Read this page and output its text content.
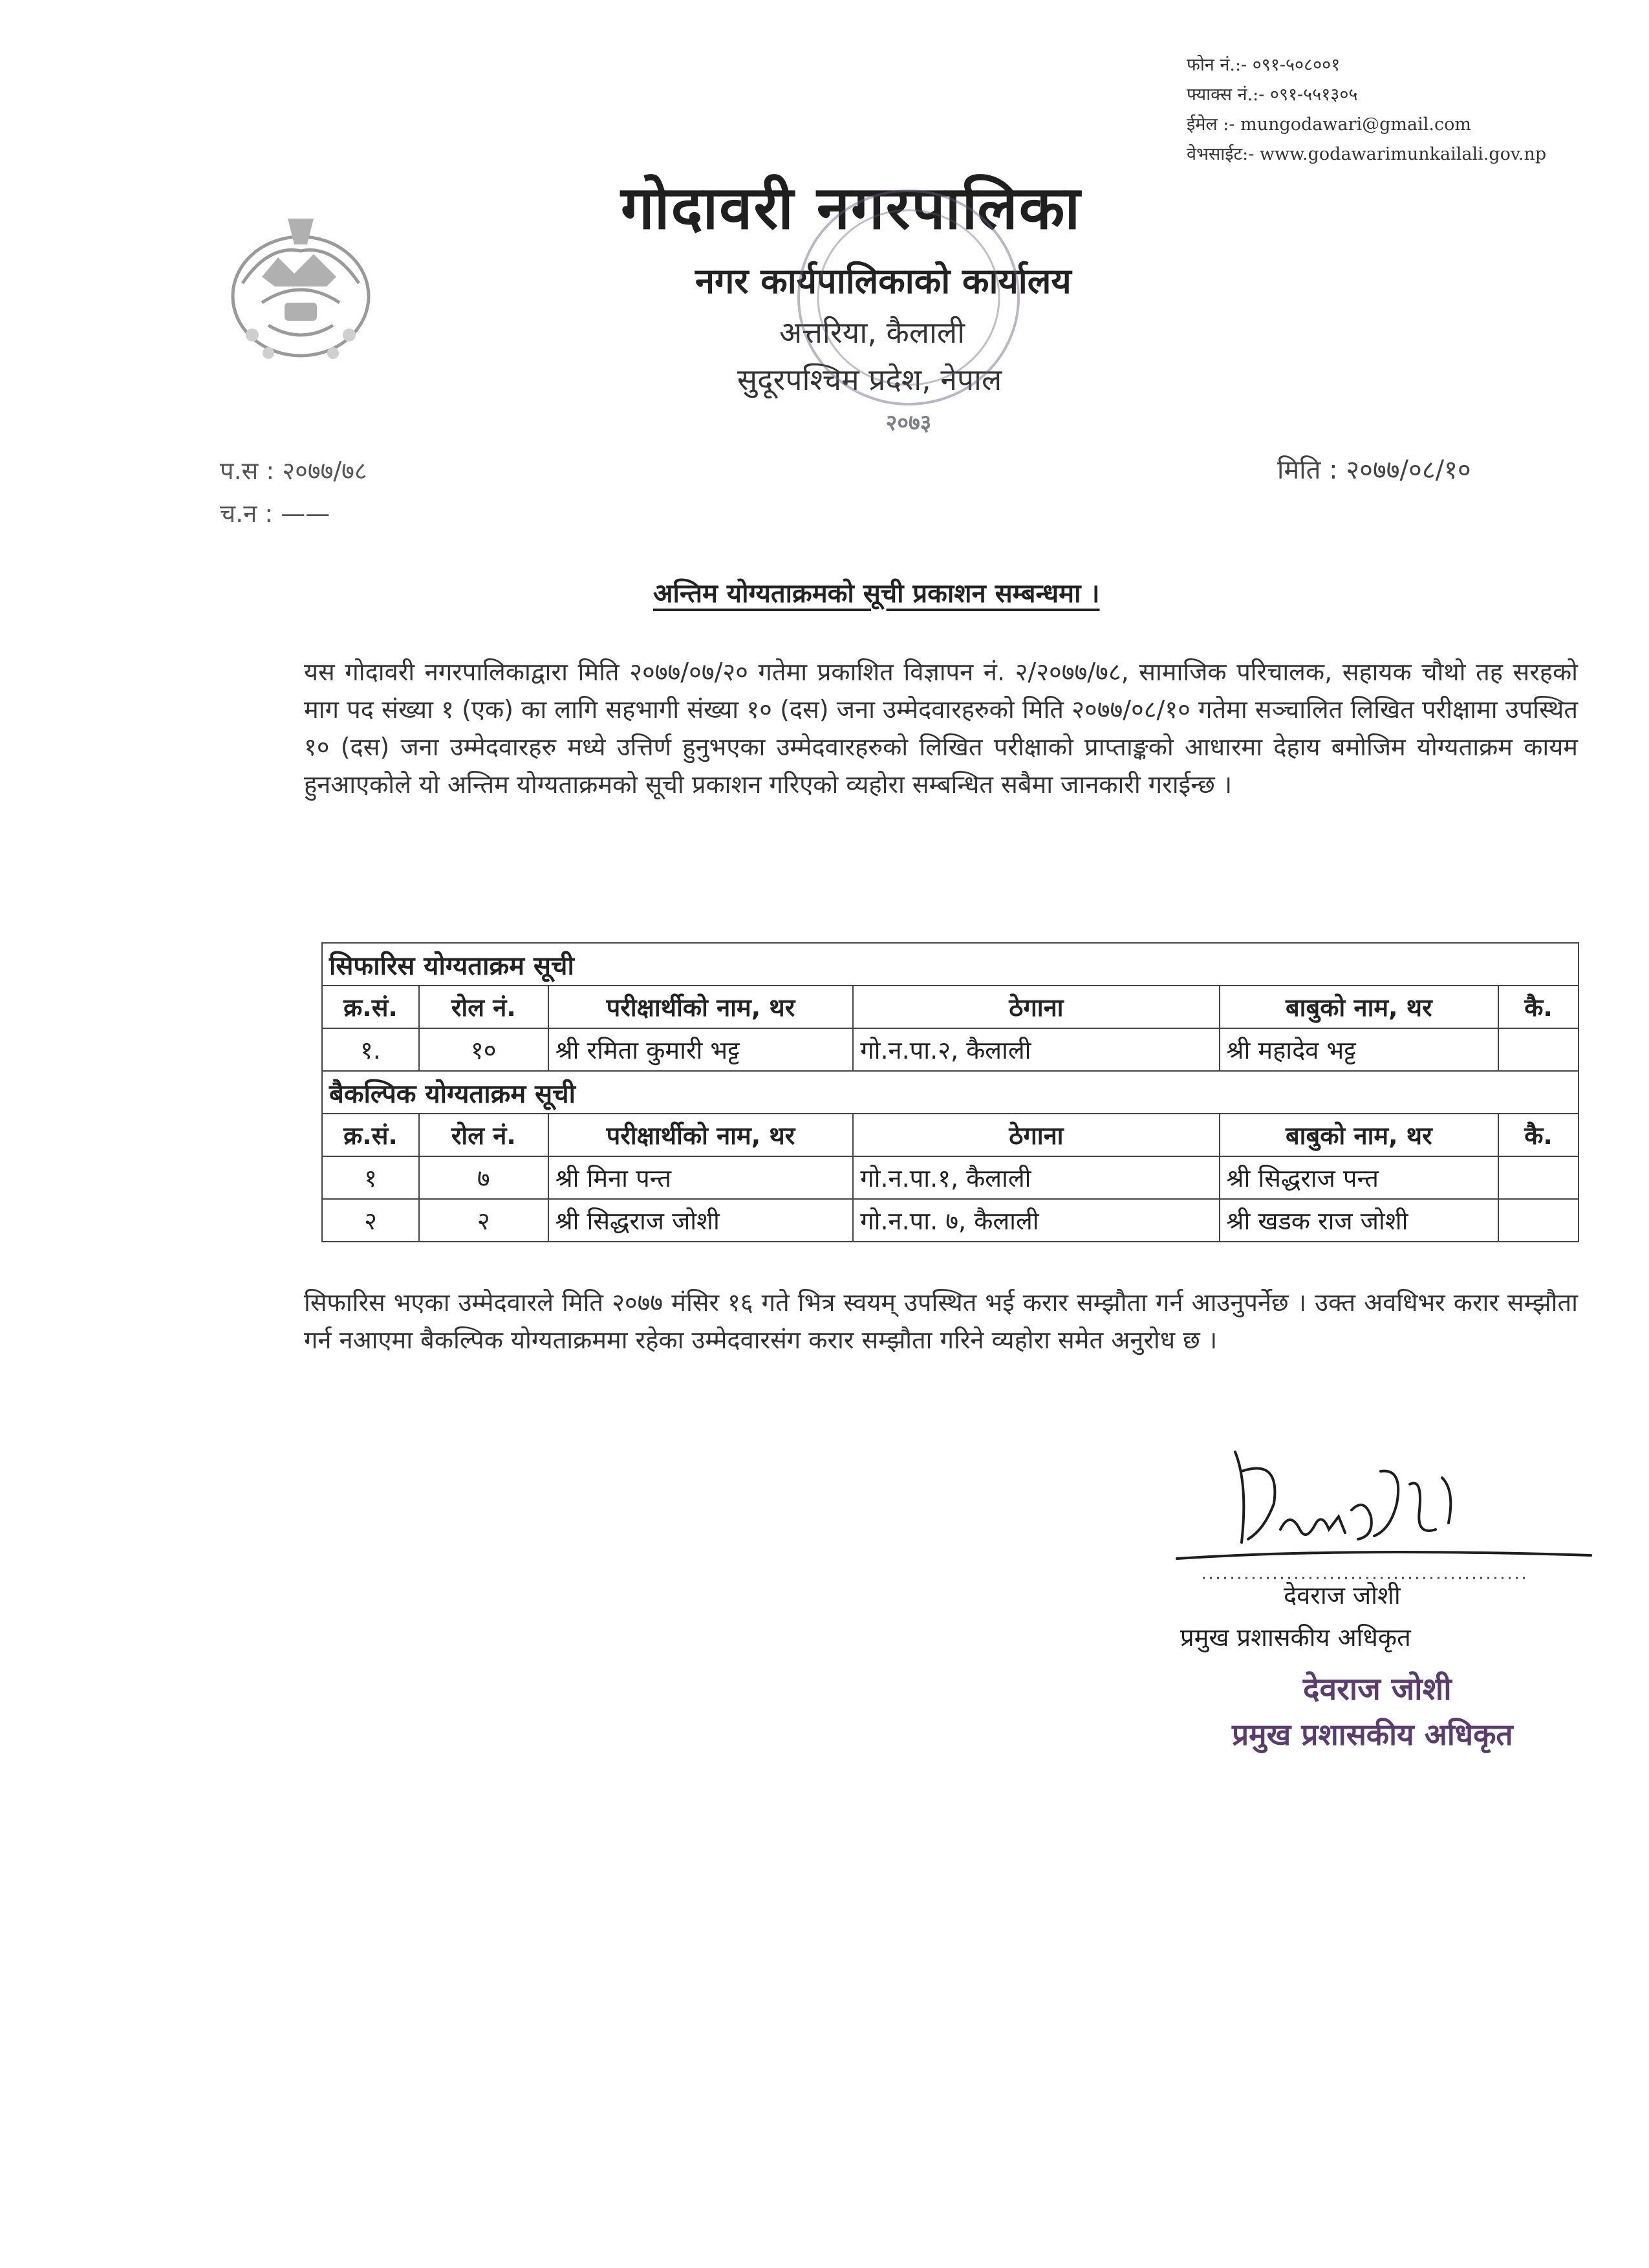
फोन नं.:- ०९१-५०८००१
फ्याक्स नं.:- ०९१-५५१३०५
ईमेल :- mungodawari@gmail.com
वेभसाईट:- www.godawarimunkailali.gov.np
गोदावरी नगरपालिका
नगर कार्यपालिकाको कार्यालय
अत्तरिया, कैलाली
सुदूरपश्चिम प्रदेश, नेपाल
२०७३
प.स : २०७७/७८
च.न : ——
मिति : २०७७/०८/१०
अन्तिम योग्यताक्रमको सूची प्रकाशन सम्बन्धमा ।
यस गोदावरी नगरपालिकाद्वारा मिति २०७७/०७/२० गतेमा प्रकाशित विज्ञापन नं. २/२०७७/७८, सामाजिक परिचालक, सहायक चौथो तह सरहको माग पद संख्या १ (एक) का लागि सहभागी संख्या १० (दस) जना उम्मेदवारहरुको मिति २०७७/०८/१० गतेमा सञ्चालित लिखित परीक्षामा उपस्थित १० (दस) जना उम्मेदवारहरु मध्ये उत्तिर्ण हुनुभएका उम्मेदवारहरुको लिखित परीक्षाको प्राप्ताङ्कको आधारमा देहाय बमोजिम योग्यताक्रम कायम हुनआएकोले यो अन्तिम योग्यताक्रमको सूची प्रकाशन गरिएको व्यहोरा सम्बन्धित सबैमा जानकारी गराईन्छ ।
सिफारिस योग्यताक्रम सूची					
क्र.सं.	रोल नं.	परीक्षार्थीको नाम, थर	ठेगाना	बाबुको नाम, थर	कै.
१.	१०	श्री रमिता कुमारी भट्ट	गो.न.पा.२, कैलाली	श्री महादेव भट्ट	
बैकल्पिक योग्यताक्रम सूची					
क्र.सं.	रोल नं.	परीक्षार्थीको नाम, थर	ठेगाना	बाबुको नाम, थर	कै.
१	७	श्री मिना पन्त	गो.न.पा.१, कैलाली	श्री सिद्धराज पन्त	
२	२	श्री सिद्धराज जोशी	गो.न.पा. ७, कैलाली	श्री खडक राज जोशी	
सिफारिस भएका उम्मेदवारले मिति २०७७ मंसिर १६ गते भित्र स्वयम् उपस्थित भई करार सम्झौता गर्न आउनुपर्नेछ । उक्त अवधिभर करार सम्झौता गर्न नआएमा बैकल्पिक योग्यताक्रममा रहेका उम्मेदवारसंग करार सम्झौता गरिने व्यहोरा समेत अनुरोध छ ।
देवराज जोशी
प्रमुख प्रशासकीय अधिकृत
देवराज जोशी
प्रमुख प्रशासकीय अधिकृत
